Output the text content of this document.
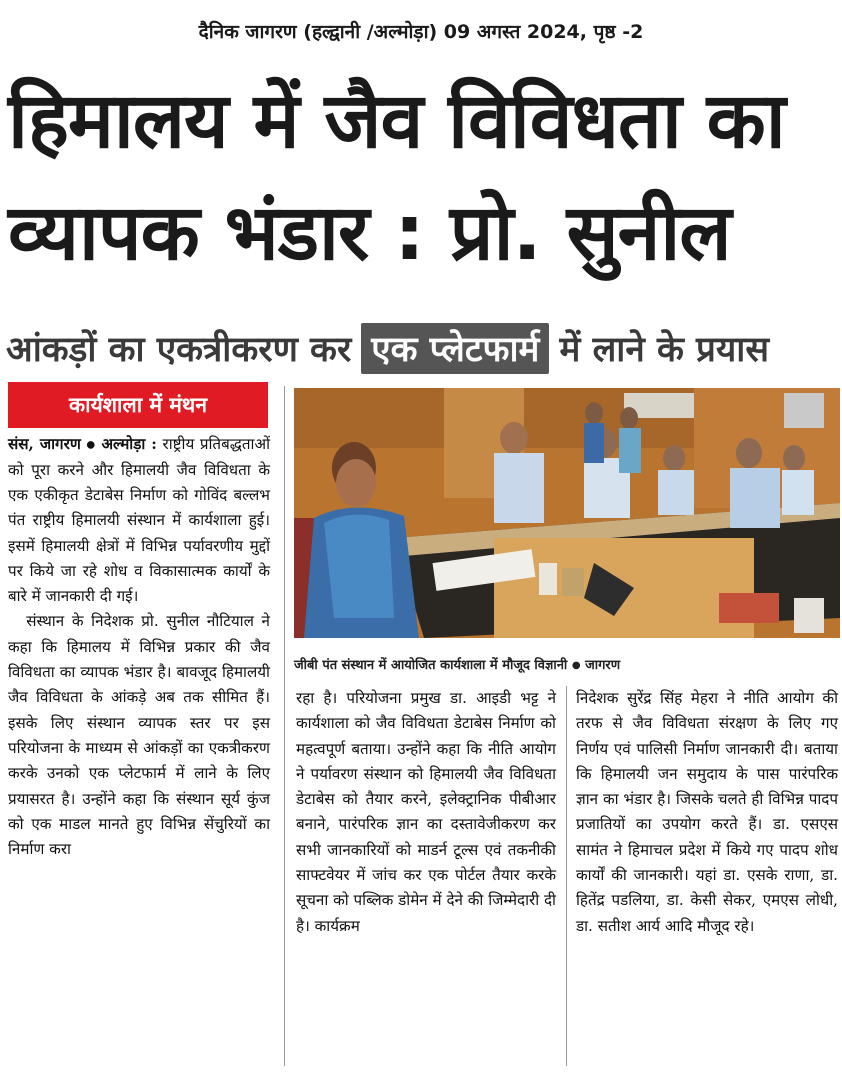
दैनिक जागरण (हल्द्वानी /अल्मोड़ा) 09 अगस्त 2024, पृष्ठ -2
हिमालय में जैव विविधता का
व्यापक भंडार : प्रो. सुनील
आंकड़ों का एकत्रीकरण कर एक प्लेटफार्म में लाने के प्रयास
कार्यशाला में मंथन
जीबी पंत संस्थान में आयोजित कार्यशाला में मौजूद विज्ञानी ● जागरण

संस, जागरण ● अल्मोड़ा : राष्ट्रीय प्रतिबद्धताओं को पूरा करने और हिमालयी जैव विविधता के एक एकीकृत डेटाबेस निर्माण को गोविंद बल्लभ पंत राष्ट्रीय हिमालयी संस्थान में कार्यशाला हुई। इसमें हिमालयी क्षेत्रों में विभिन्न पर्यावरणीय मुद्दों पर किये जा रहे शोध व विकासात्मक कार्यों के बारे में जानकारी दी गई।

संस्थान के निदेशक प्रो. सुनील नौटियाल ने कहा कि हिमालय में विभिन्न प्रकार की जैव विविधता का व्यापक भंडार है। बावजूद हिमालयी जैव विविधता के आंकड़े अब तक सीमित हैं। इसके लिए संस्थान व्यापक स्तर पर इस परियोजना के माध्यम से आंकड़ों का एकत्रीकरण करके उनको एक प्लेटफार्म में लाने के लिए प्रयासरत है। उन्होंने कहा कि संस्थान सूर्य कुंज को एक माडल मानते हुए विभिन्न सेंचुरियों का निर्माण करा

रहा है। परियोजना प्रमुख डा. आइडी भट्ट ने कार्यशाला को जैव विविधता डेटाबेस निर्माण को महत्वपूर्ण बताया। उन्होंने कहा कि नीति आयोग ने पर्यावरण संस्थान को हिमालयी जैव विविधता डेटाबेस को तैयार करने, इलेक्ट्रानिक पीबीआर बनाने, पारंपरिक ज्ञान का दस्तावेजीकरण कर सभी जानकारियों को माडर्न टूल्स एवं तकनीकी साफ्टवेयर में जांच कर एक पोर्टल तैयार करके सूचना को पब्लिक डोमेन में देने की जिम्मेदारी दी है। कार्यक्रम

निदेशक सुरेंद्र सिंह मेहरा ने नीति आयोग की तरफ से जैव विविधता संरक्षण के लिए गए निर्णय एवं पालिसी निर्माण जानकारी दी। बताया कि हिमालयी जन समुदाय के पास पारंपरिक ज्ञान का भंडार है। जिसके चलते ही विभिन्न पादप प्रजातियों का उपयोग करते हैं। डा. एसएस सामंत ने हिमाचल प्रदेश में किये गए पादप शोध कार्यों की जानकारी। यहां डा. एसके राणा, डा. हितेंद्र पडलिया, डा. केसी सेकर, एमएस लोधी, डा. सतीश आर्य आदि मौजूद रहे।
